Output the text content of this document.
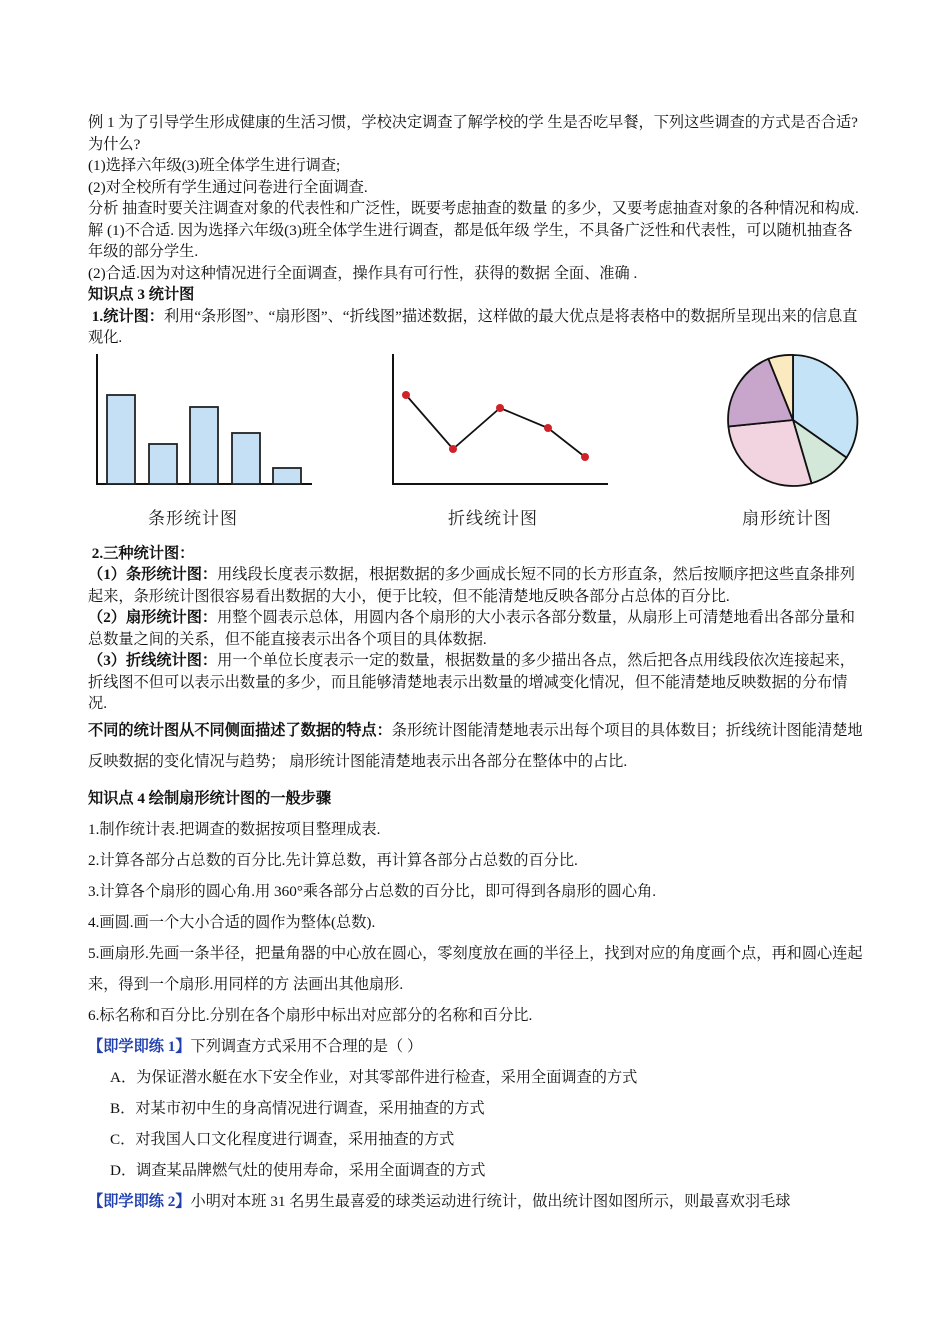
例 1 为了引导学生形成健康的生活习惯，学校决定调查了解学校的学 生是否吃早餐，下列这些调查的方式是否合适?为什么?
(1)选择六年级(3)班全体学生进行调查;
(2)对全校所有学生通过问卷进行全面调查.
分析 抽查时要关注调查对象的代表性和广泛性，既要考虑抽查的数量 的多少，又要考虑抽查对象的各种情况和构成.
解 (1)不合适. 因为选择六年级(3)班全体学生进行调查，都是低年级 学生，不具备广泛性和代表性，可以随机抽查各年级的部分学生.
(2)合适.因为对这种情况进行全面调查，操作具有可行性，获得的数据 全面、准确 .
知识点 3 统计图
1.统计图：利用“条形图”、“扇形图”、“折线图”描述数据，这样做的最大优点是将表格中的数据所呈现出来的信息直观化.
条形统计图	折线统计图	扇形统计图
2.三种统计图：
（1）条形统计图：用线段长度表示数据，根据数据的多少画成长短不同的长方形直条，然后按顺序把这些直条排列起来，条形统计图很容易看出数据的大小，便于比较，但不能清楚地反映各部分占总体的百分比.
（2）扇形统计图：用整个圆表示总体，用圆内各个扇形的大小表示各部分数量，从扇形上可清楚地看出各部分量和总数量之间的关系，但不能直接表示出各个项目的具体数据.
（3）折线统计图：用一个单位长度表示一定的数量，根据数量的多少描出各点，然后把各点用线段依次连接起来，折线图不但可以表示出数量的多少，而且能够清楚地表示出数量的增减变化情况，但不能清楚地反映数据的分布情况.
不同的统计图从不同侧面描述了数据的特点：条形统计图能清楚地表示出每个项目的具体数目；折线统计图能清楚地反映数据的变化情况与趋势； 扇形统计图能清楚地表示出各部分在整体中的占比.
知识点 4 绘制扇形统计图的一般步骤
1.制作统计表.把调查的数据按项目整理成表.
2.计算各部分占总数的百分比.先计算总数，再计算各部分占总数的百分比.
3.计算各个扇形的圆心角.用 360°乘各部分占总数的百分比，即可得到各扇形的圆心角.
4.画圆.画一个大小合适的圆作为整体(总数).
5.画扇形.先画一条半径，把量角器的中心放在圆心，零刻度放在画的半径上，找到对应的角度画个点，再和圆心连起来，得到一个扇形.用同样的方 法画出其他扇形.
6.标名称和百分比.分别在各个扇形中标出对应部分的名称和百分比.
【即学即练 1】下列调查方式采用不合理的是（ ）
A．为保证潜水艇在水下安全作业，对其零部件进行检查，采用全面调查的方式
B．对某市初中生的身高情况进行调查，采用抽查的方式
C．对我国人口文化程度进行调查，采用抽查的方式
D．调查某品牌燃气灶的使用寿命，采用全面调查的方式
【即学即练 2】小明对本班 31 名男生最喜爱的球类运动进行统计，做出统计图如图所示，则最喜欢羽毛球
